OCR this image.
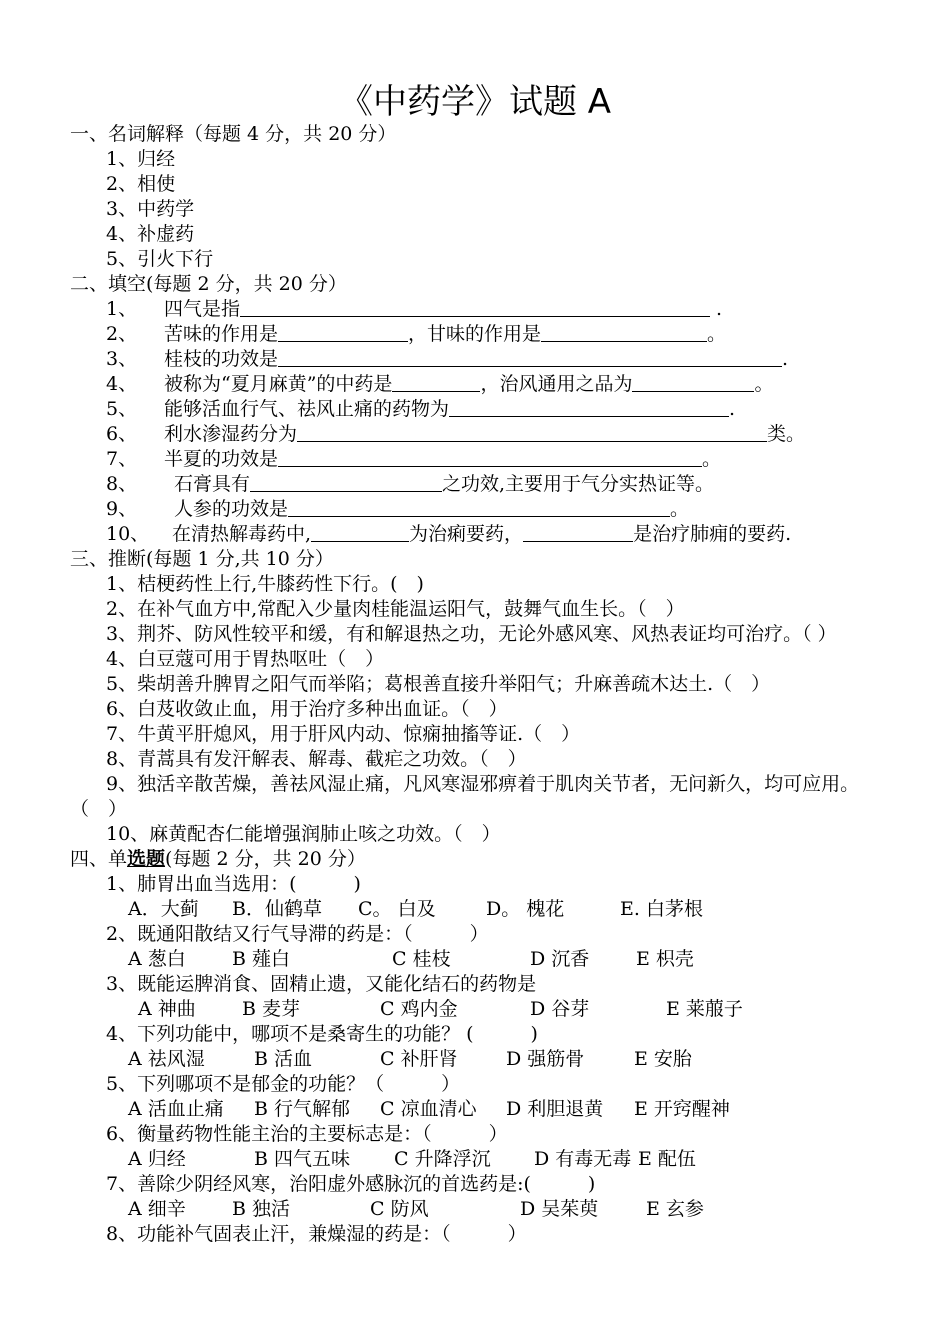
《中药学》试题 A
一、名词解释（每题 4 分，共 20 分）
1、归经
2、相使
3、中药学
4、补虚药
5、引火下行
二、填空(每题 2 分，共 20 分）
1、 四气是指	.
2、 苦味的作用是	，甘味的作用是	。
3、 桂枝的功效是	.
4、 被称为“夏月麻黄”的中药是	，治风通用之品为	。
5、 能够活血行气、祛风止痛的药物为	.
6、 利水渗湿药分为	类。
7、 半夏的功效是	。
8、 石膏具有	之功效,主要用于气分实热证等。
9、 人参的功效是	。
10、 在清热解毒药中,	为治痢要药，	是治疗肺痈的要药.
三、推断(每题 1 分,共 10 分）
1、桔梗药性上行,牛膝药性下行。(　)
2、在补气血方中,常配入少量肉桂能温运阳气，鼓舞气血生长。（　）
3、荆芥、防风性较平和缓，有和解退热之功，无论外感风寒、风热表证均可治疗。（ ）
4、白豆蔻可用于胃热呕吐（　）
5、柴胡善升脾胃之阳气而举陷；葛根善直接升举阳气；升麻善疏木达土.（　）
6、白芨收敛止血，用于治疗多种出血证。（　）
7、牛黄平肝熄风，用于肝风内动、惊痫抽搐等证.（　）
8、青蒿具有发汗解表、解毒、截疟之功效。（　）
9、独活辛散苦燥，善祛风湿止痛，凡风寒湿邪痹着于肌肉关节者，无问新久，均可应用。（　）
10、麻黄配杏仁能增强润肺止咳之功效。（　）
四、单选题(每题 2 分，共 20 分）
1、肺胃出血当选用：(　　　)
A．大蓟 B．仙鹤草 C。 白及	D。 槐花	E. 白茅根
2、既通阳散结又行气导滞的药是：（　　　）
A 葱白 B 薤白	C 桂枝	D 沉香 E 枳壳
3、既能运脾消食、固精止遗，又能化结石的药物是
A 神曲 B 麦芽	C 鸡内金	D 谷芽	E 莱菔子
4、下列功能中，哪项不是桑寄生的功能？ (　　　)
A 祛风湿	B 活血	C 补肝肾	D 强筋骨	E 安胎
5、下列哪项不是郁金的功能？（　　　）
A 活血止痛 B 行气解郁 C 凉血清心 D 利胆退黄 E 开窍醒神
6、衡量药物性能主治的主要标志是：（　　　）
A 归经	B 四气五味 C 升降浮沉 D 有毒无毒 E 配伍
7、善除少阴经风寒，治阳虚外感脉沉的首选药是:(　　　)
A 细辛 B 独活	C 防风	D 吴茱萸	E 玄参
8、功能补气固表止汗，兼燥湿的药是：（　　　）
